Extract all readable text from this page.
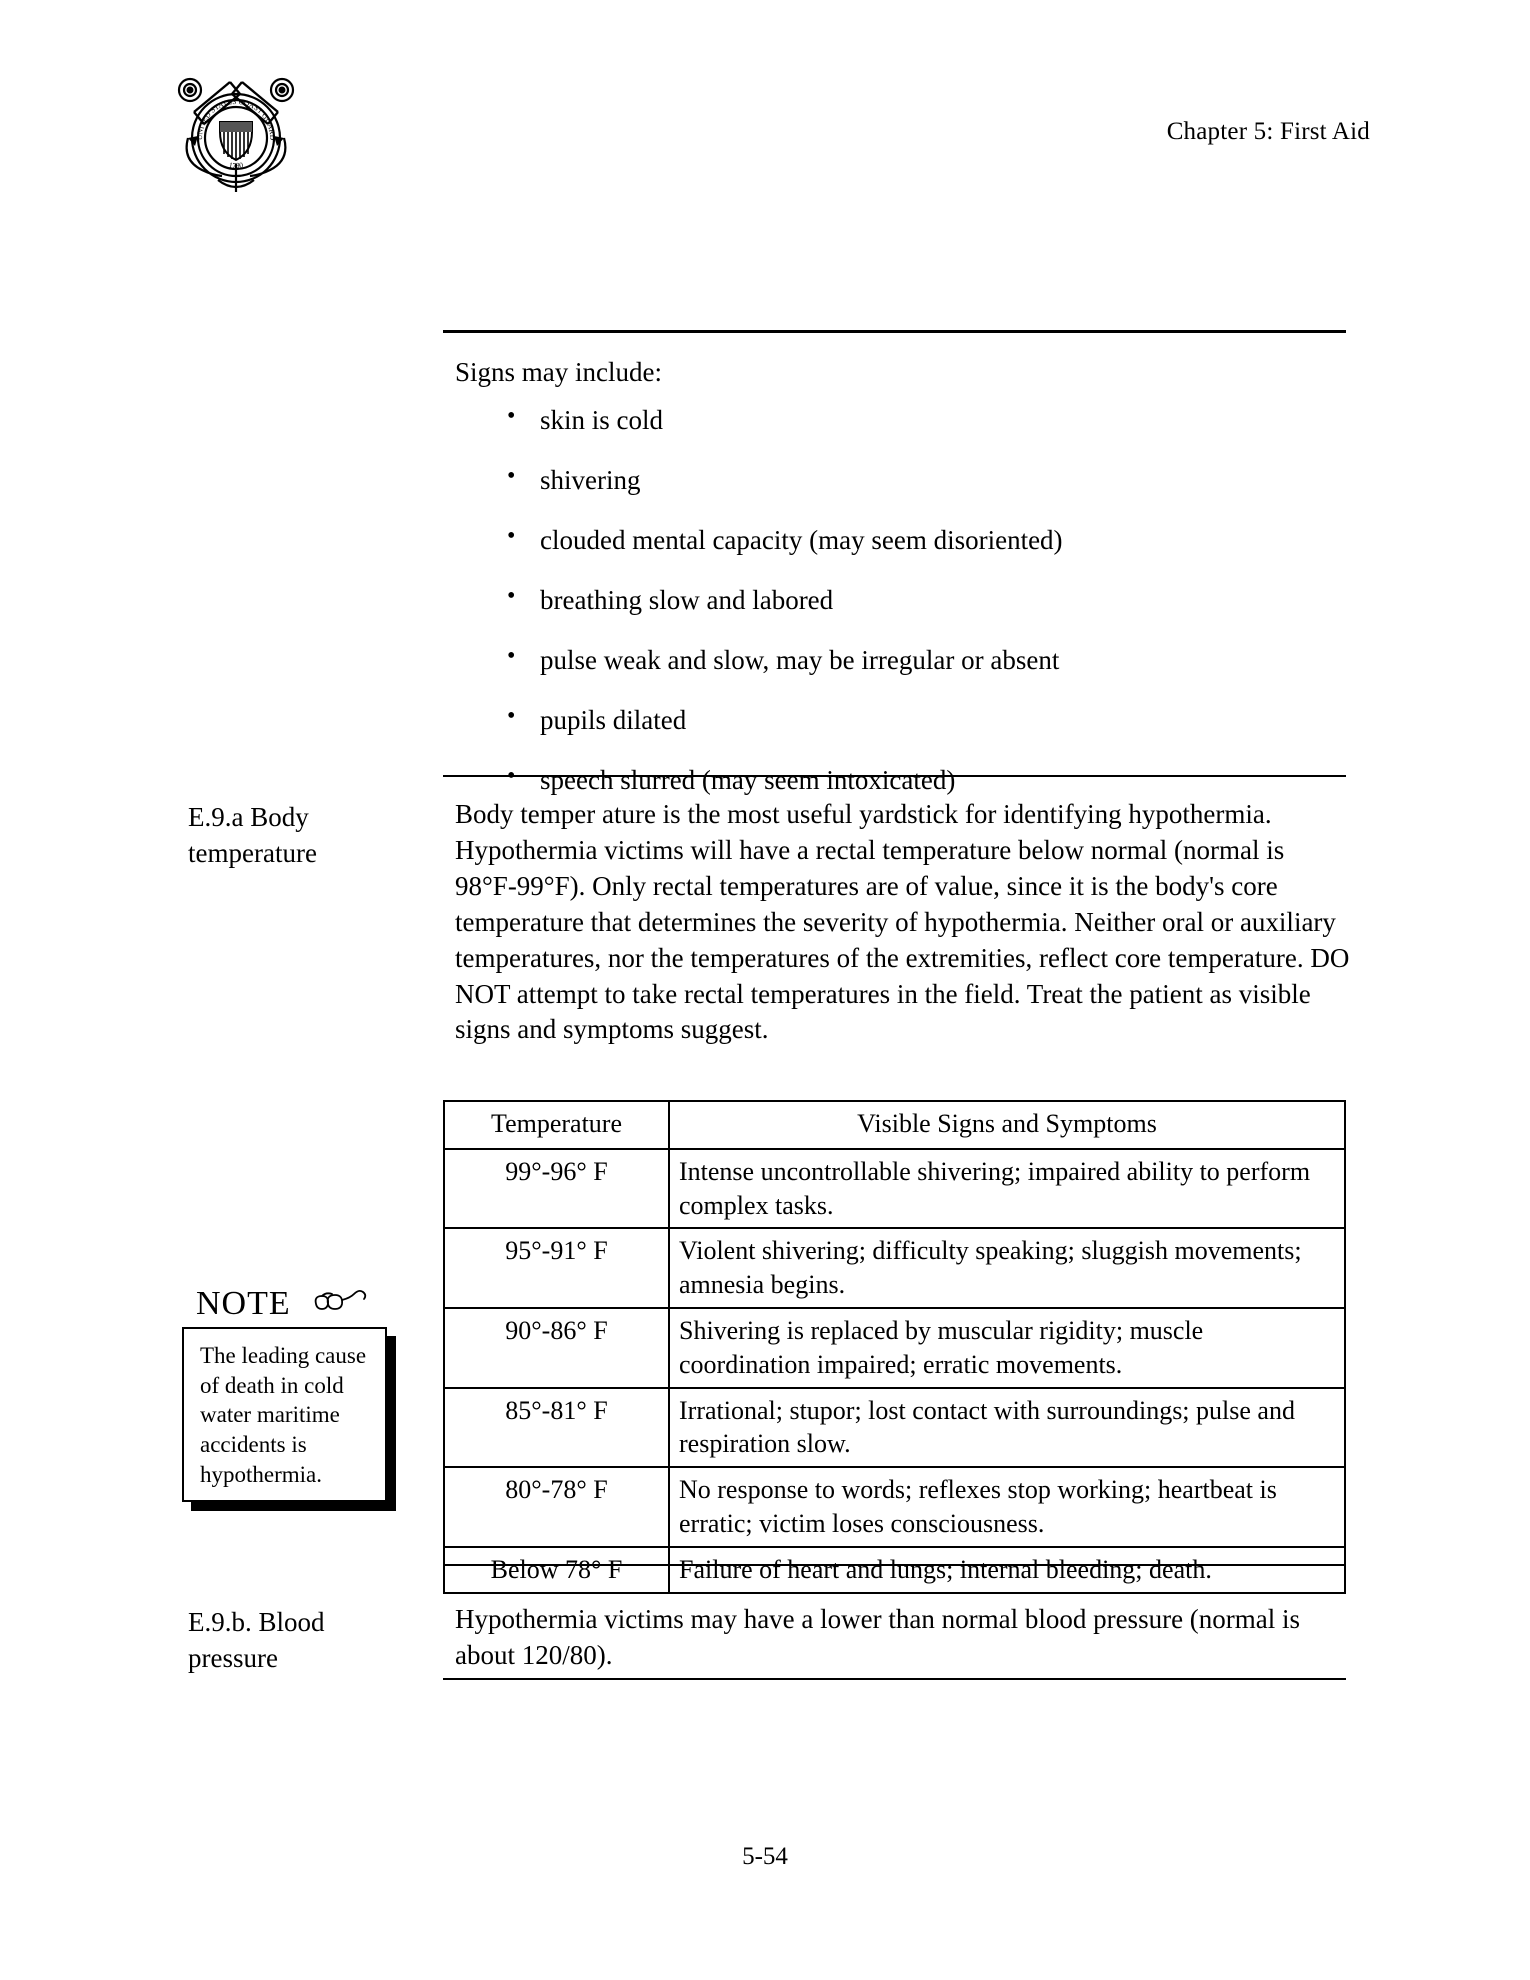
UNITED STATES COAST GUARD
1790
Chapter 5: First Aid
Signs may include:
• skin is cold
• shivering
• clouded mental capacity (may seem disoriented)
• breathing slow and labored
• pulse weak and slow, may be irregular or absent
• pupils dilated
• speech slurred (may seem intoxicated)
E.9.a Body temperature

Body temper ature is the most useful yardstick for identifying hypothermia. Hypothermia victims will have a rectal temperature below normal (normal is 98°F-99°F). Only rectal temperatures are of value, since it is the body's core temperature that determines the severity of hypothermia. Neither oral or auxiliary temperatures, nor the temperatures of the extremities, reflect core temperature. DO NOT attempt to take rectal temperatures in the field. Treat the patient as visible signs and symptoms suggest.

NOTE
The leading cause of death in cold water maritime accidents is hypothermia.
Temperature	Visible Signs and Symptoms
99°-96° F	Intense uncontrollable shivering; impaired ability to perform complex tasks.
95°-91° F	Violent shivering; difficulty speaking; sluggish movements; amnesia begins.
90°-86° F	Shivering is replaced by muscular rigidity; muscle coordination impaired; erratic movements.
85°-81° F	Irrational; stupor; lost contact with surroundings; pulse and respiration slow.
80°-78° F	No response to words; reflexes stop working; heartbeat is erratic; victim loses consciousness.
Below 78° F	Failure of heart and lungs; internal bleeding; death.
E.9.b. Blood pressure

Hypothermia victims may have a lower than normal blood pressure (normal is about 120/80).

5-54
